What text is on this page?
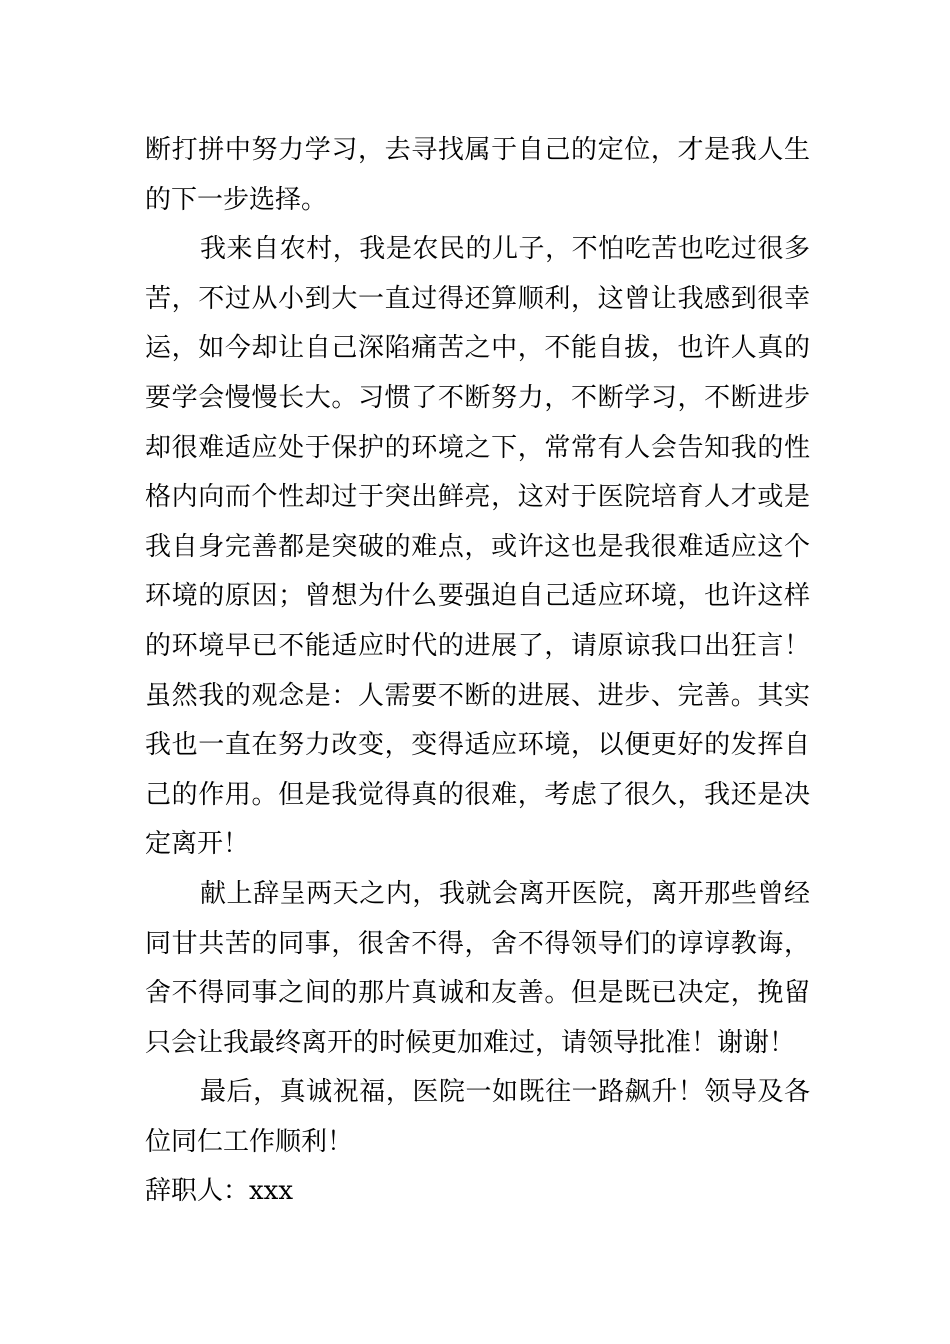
断打拼中努力学习，去寻找属于自己的定位，才是我人生
的下一步选择。
我来自农村，我是农民的儿子，不怕吃苦也吃过很多
苦，不过从小到大一直过得还算顺利，这曾让我感到很幸
运，如今却让自己深陷痛苦之中，不能自拔，也许人真的
要学会慢慢长大。习惯了不断努力，不断学习，不断进步
却很难适应处于保护的环境之下，常常有人会告知我的性
格内向而个性却过于突出鲜亮，这对于医院培育人才或是
我自身完善都是突破的难点，或许这也是我很难适应这个
环境的原因；曾想为什么要强迫自己适应环境，也许这样
的环境早已不能适应时代的进展了，请原谅我口出狂言！
虽然我的观念是：人需要不断的进展、进步、完善。其实
我也一直在努力改变，变得适应环境，以便更好的发挥自
己的作用。但是我觉得真的很难，考虑了很久，我还是决
定离开！
献上辞呈两天之内，我就会离开医院，离开那些曾经
同甘共苦的同事，很舍不得，舍不得领导们的谆谆教诲，
舍不得同事之间的那片真诚和友善。但是既已决定，挽留
只会让我最终离开的时候更加难过，请领导批准！谢谢！
最后，真诚祝福，医院一如既往一路飙升！领导及各
位同仁工作顺利！
辞职人：xxx
